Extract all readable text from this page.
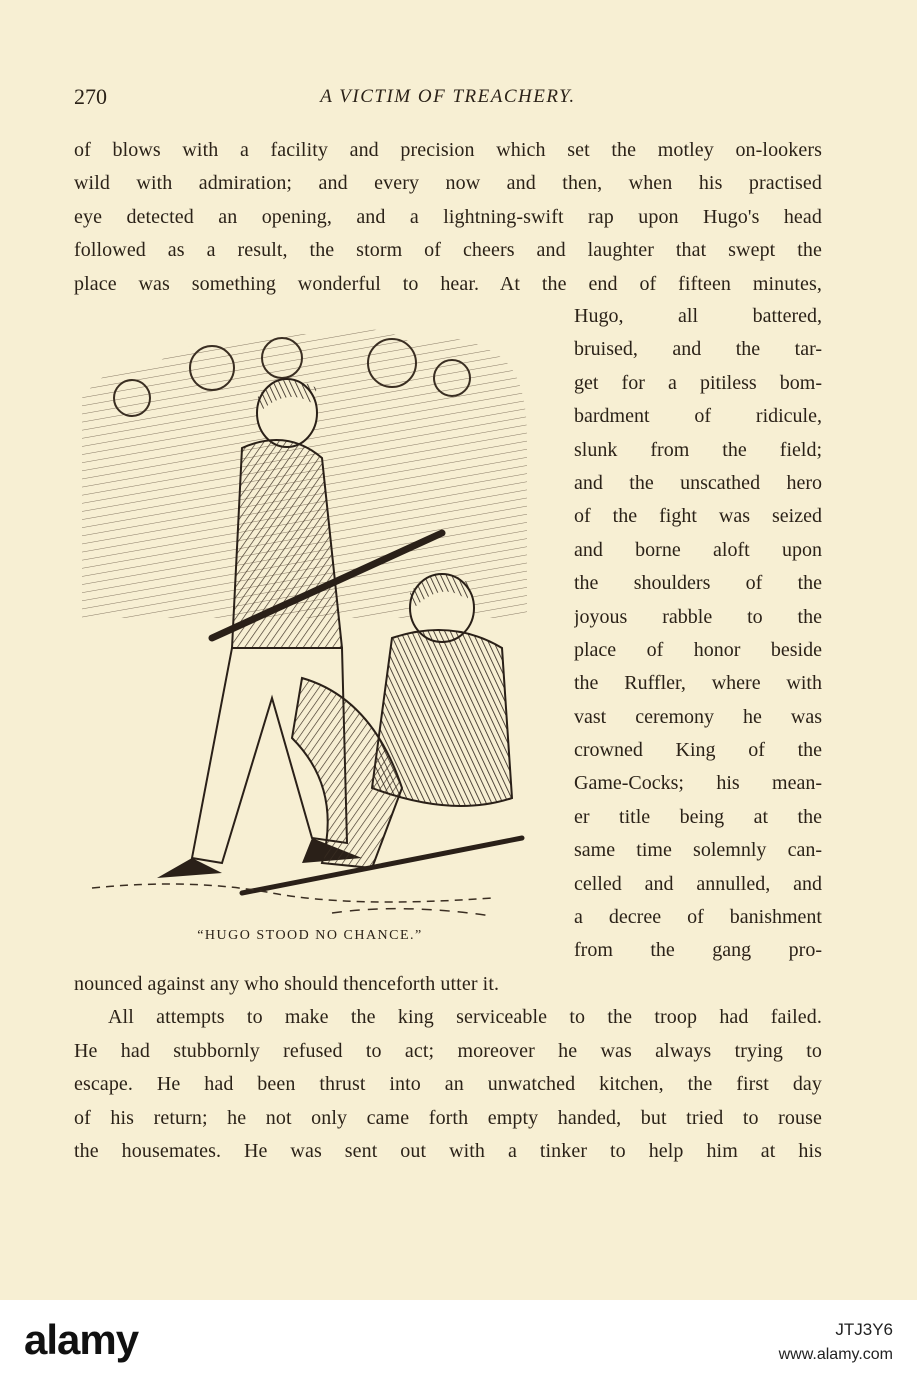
270	A VICTIM OF TREACHERY.
of blows with a facility and precision which set the motley on-lookers
wild with admiration; and every now and then, when his practised
eye detected an opening, and a lightning-swift rap upon Hugo's head
followed as a result, the storm of cheers and laughter that swept the
place was something wonderful to hear. At the end of fifteen minutes,
“HUGO STOOD NO CHANCE.”
Hugo, all battered,
bruised, and the tar-
get for a pitiless bom-
bardment of ridicule,
slunk from the field;
and the unscathed hero
of the fight was seized
and borne aloft upon
the shoulders of the
joyous rabble to the
place of honor beside
the Ruffler, where with
vast ceremony he was
crowned King of the
Game-Cocks; his mean-
er title being at the
same time solemnly can-
celled and annulled, and
a decree of banishment
from the gang pro-
nounced against any who should thenceforth utter it.
All attempts to make the king serviceable to the troop had failed.
He had stubbornly refused to act; moreover he was always trying to
escape. He had been thrust into an unwatched kitchen, the first day
of his return; he not only came forth empty handed, but tried to rouse
the housemates. He was sent out with a tinker to help him at his
alamy	JTJ3Y6
www.alamy.com
